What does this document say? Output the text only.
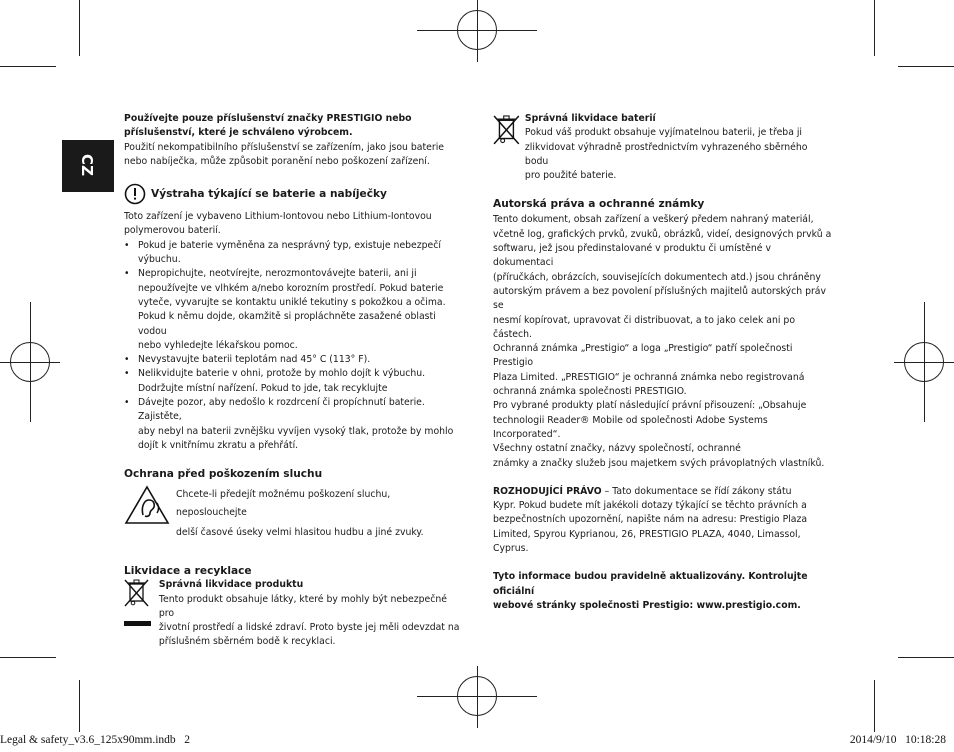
CZ

Používejte pouze příslušenství značky PRESTIGIO nebo

příslušenství, které je schváleno výrobcem.

Použití nekompatibilního příslušenství se zařízením, jako jsou baterie

nebo nabíječka, může způsobit poranění nebo poškození zařízení.

Výstraha týkající se baterie a nabíječky

Toto zařízení je vybaveno Lithium-Iontovou nebo Lithium-Iontovou

polymerovou baterií.

• Pokud je baterie vyměněna za nesprávný typ, existuje nebezpečí
výbuchu.
• Nepropichujte, neotvírejte, nerozmontovávejte baterii, ani ji
nepoužívejte ve vlhkém a/nebo korozním prostředí. Pokud baterie
vyteče, vyvarujte se kontaktu uniklé tekutiny s pokožkou a očima.
Pokud k němu dojde, okamžitě si propláchněte zasažené oblasti vodou
nebo vyhledejte lékařskou pomoc.
• Nevystavujte baterii teplotám nad 45° C (113° F).
• Nelikvidujte baterie v ohni, protože by mohlo dojít k výbuchu.
Dodržujte místní nařízení. Pokud to jde, tak recyklujte
• Dávejte pozor, aby nedošlo k rozdrcení či propíchnutí baterie. Zajistěte,
aby nebyl na baterii zvnějšku vyvíjen vysoký tlak, protože by mohlo
dojít k vnitřnímu zkratu a přehřátí.
Ochrana před poškozením sluchu

Chcete-li předejít možnému poškození sluchu, neposlouchejte

delší časové úseky velmi hlasitou hudbu a jiné zvuky.

Likvidace a recyklace

Správná likvidace produktu

Tento produkt obsahuje látky, které by mohly být nebezpečné pro

životní prostředí a lidské zdraví. Proto byste jej měli odevzdat na

příslušném sběrném bodě k recyklaci.

Správná likvidace baterií

Pokud váš produkt obsahuje vyjímatelnou baterii, je třeba ji

zlikvidovat výhradně prostřednictvím vyhrazeného sběrného bodu

pro použité baterie.

Autorská práva a ochranné známky

Tento dokument, obsah zařízení a veškerý předem nahraný materiál,

včetně log, grafických prvků, zvuků, obrázků, videí, designových prvků a

softwaru, jež jsou předinstalované v produktu či umístěné v dokumentaci

(příručkách, obrázcích, souvisejících dokumentech atd.) jsou chráněny

autorským právem a bez povolení příslušných majitelů autorských práv se

nesmí kopírovat, upravovat či distribuovat, a to jako celek ani po částech.

Ochranná známka „Prestigio“ a loga „Prestigio“ patří společnosti Prestigio

Plaza Limited. „PRESTIGIO“ je ochranná známka nebo registrovaná

ochranná známka společnosti PRESTIGIO.

Pro vybrané produkty platí následující právní přisouzení: „Obsahuje

technologii Reader® Mobile od společnosti Adobe Systems Incorporated“.

Všechny ostatní značky, názvy společností, ochranné

známky a značky služeb jsou majetkem svých právoplatných vlastníků.

ROZHODUJÍCÍ PRÁVO – Tato dokumentace se řídí zákony státu

Kypr. Pokud budete mít jakékoli dotazy týkající se těchto právních a

bezpečnostních upozornění, napište nám na adresu: Prestigio Plaza

Limited, Spyrou Kyprianou, 26, PRESTIGIO PLAZA, 4040, Limassol, Cyprus.

Tyto informace budou pravidelně aktualizovány. Kontrolujte oficiální

webové stránky společnosti Prestigio: www.prestigio.com.

Legal & safety_v3.6_125x90mm.indb   2	2014/9/10   10:18:28
